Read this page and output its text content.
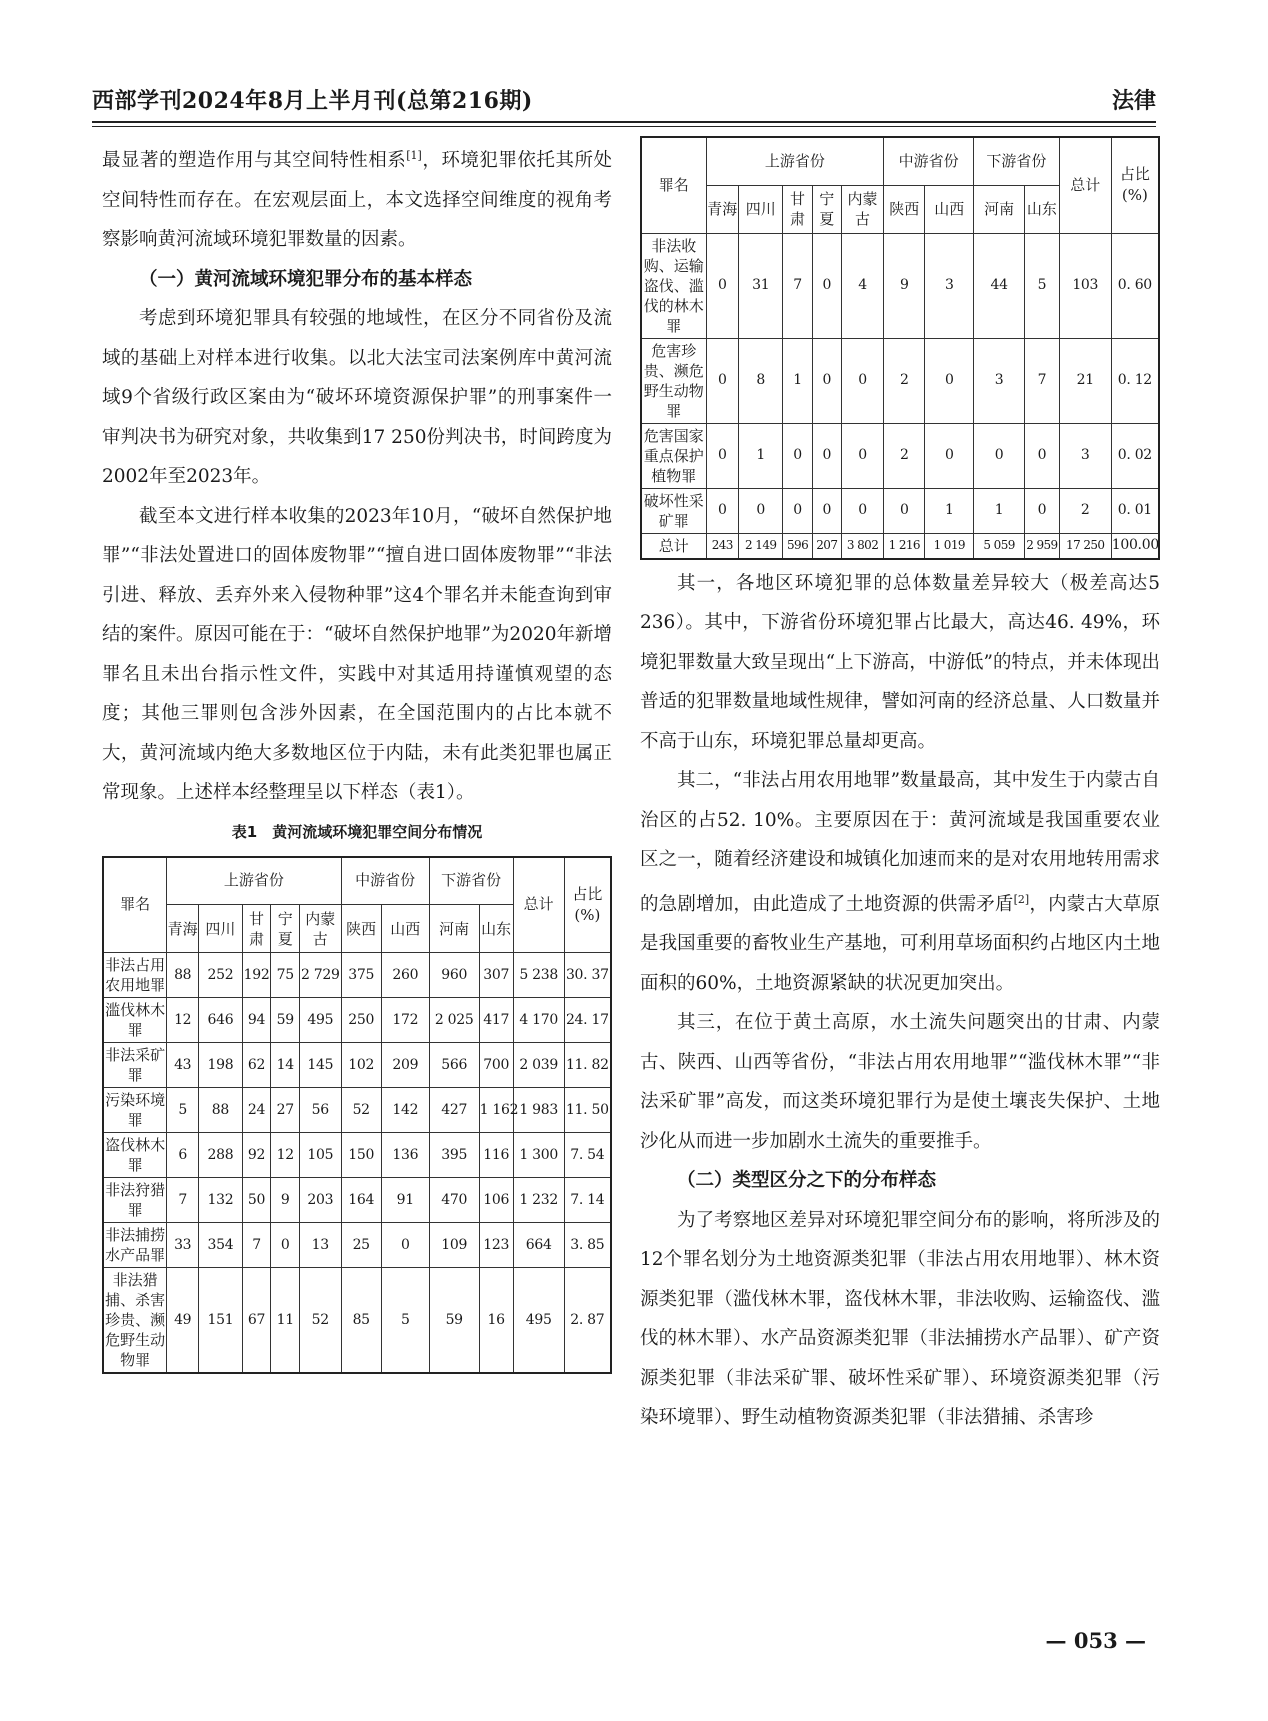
西部学刊2024年8月上半月刊(总第216期)	法律

最显著的塑造作用与其空间特性相系[1]，环境犯罪依托其所处空间特性而存在。在宏观层面上，本文选择空间维度的视角考察影响黄河流域环境犯罪数量的因素。

（一）黄河流域环境犯罪分布的基本样态

考虑到环境犯罪具有较强的地域性，在区分不同省份及流域的基础上对样本进行收集。以北大法宝司法案例库中黄河流域9个省级行政区案由为“破坏环境资源保护罪”的刑事案件一审判决书为研究对象，共收集到17 250份判决书，时间跨度为2002年至2023年。

截至本文进行样本收集的2023年10月，“破坏自然保护地罪”“非法处置进口的固体废物罪”“擅自进口固体废物罪”“非法引进、释放、丢弃外来入侵物种罪”这4个罪名并未能查询到审结的案件。原因可能在于：“破坏自然保护地罪”为2020年新增罪名且未出台指示性文件，实践中对其适用持谨慎观望的态度；其他三罪则包含涉外因素，在全国范围内的占比本就不大，黄河流域内绝大多数地区位于内陆，未有此类犯罪也属正常现象。上述样本经整理呈以下样态（表1）。

表1　黄河流域环境犯罪空间分布情况
罪名	上游省份					中游省份		下游省份		总计	占比(%)
	青海	四川	甘肃	宁夏	内蒙古	陕西	山西	河南	山东		
非法占用农用地罪	88	252	192	75	2 729	375	260	960	307	5 238	30. 37
滥伐林木罪	12	646	94	59	495	250	172	2 025	417	4 170	24. 17
非法采矿罪	43	198	62	14	145	102	209	566	700	2 039	11. 82
污染环境罪	5	88	24	27	56	52	142	427	1 162	1 983	11. 50
盗伐林木罪	6	288	92	12	105	150	136	395	116	1 300	7. 54
非法狩猎罪	7	132	50	9	203	164	91	470	106	1 232	7. 14
非法捕捞水产品罪	33	354	7	0	13	25	0	109	123	664	3. 85
非法猎捕、杀害珍贵、濒危野生动物罪	49	151	67	11	52	85	5	59	16	495	2. 87
罪名	上游省份					中游省份		下游省份		总计	占比(%)
	青海	四川	甘肃	宁夏	内蒙古	陕西	山西	河南	山东		
非法收购、运输盗伐、滥伐的林木罪	0	31	7	0	4	9	3	44	5	103	0. 60
危害珍贵、濒危野生动物罪	0	8	1	0	0	2	0	3	7	21	0. 12
危害国家重点保护植物罪	0	1	0	0	0	2	0	0	0	3	0. 02
破坏性采矿罪	0	0	0	0	0	0	1	1	0	2	0. 01
总计	243	2 149	596	207	3 802	1 216	1 019	5 059	2 959	17 250	100.00

其一，各地区环境犯罪的总体数量差异较大（极差高达5 236）。其中，下游省份环境犯罪占比最大，高达46. 49%，环境犯罪数量大致呈现出“上下游高，中游低”的特点，并未体现出普适的犯罪数量地域性规律，譬如河南的经济总量、人口数量并不高于山东，环境犯罪总量却更高。

其二，“非法占用农用地罪”数量最高，其中发生于内蒙古自治区的占52. 10%。主要原因在于：黄河流域是我国重要农业区之一，随着经济建设和城镇化加速而来的是对农用地转用需求的急剧增加，由此造成了土地资源的供需矛盾[2]，内蒙古大草原是我国重要的畜牧业生产基地，可利用草场面积约占地区内土地面积的60%，土地资源紧缺的状况更加突出。

其三，在位于黄土高原，水土流失问题突出的甘肃、内蒙古、陕西、山西等省份，“非法占用农用地罪”“滥伐林木罪”“非法采矿罪”高发，而这类环境犯罪行为是使土壤丧失保护、土地沙化从而进一步加剧水土流失的重要推手。

（二）类型区分之下的分布样态

为了考察地区差异对环境犯罪空间分布的影响，将所涉及的12个罪名划分为土地资源类犯罪（非法占用农用地罪）、林木资源类犯罪（滥伐林木罪，盗伐林木罪，非法收购、运输盗伐、滥伐的林木罪）、水产品资源类犯罪（非法捕捞水产品罪）、矿产资源类犯罪（非法采矿罪、破坏性采矿罪）、环境资源类犯罪（污染环境罪）、野生动植物资源类犯罪（非法猎捕、杀害珍

— 053 —
